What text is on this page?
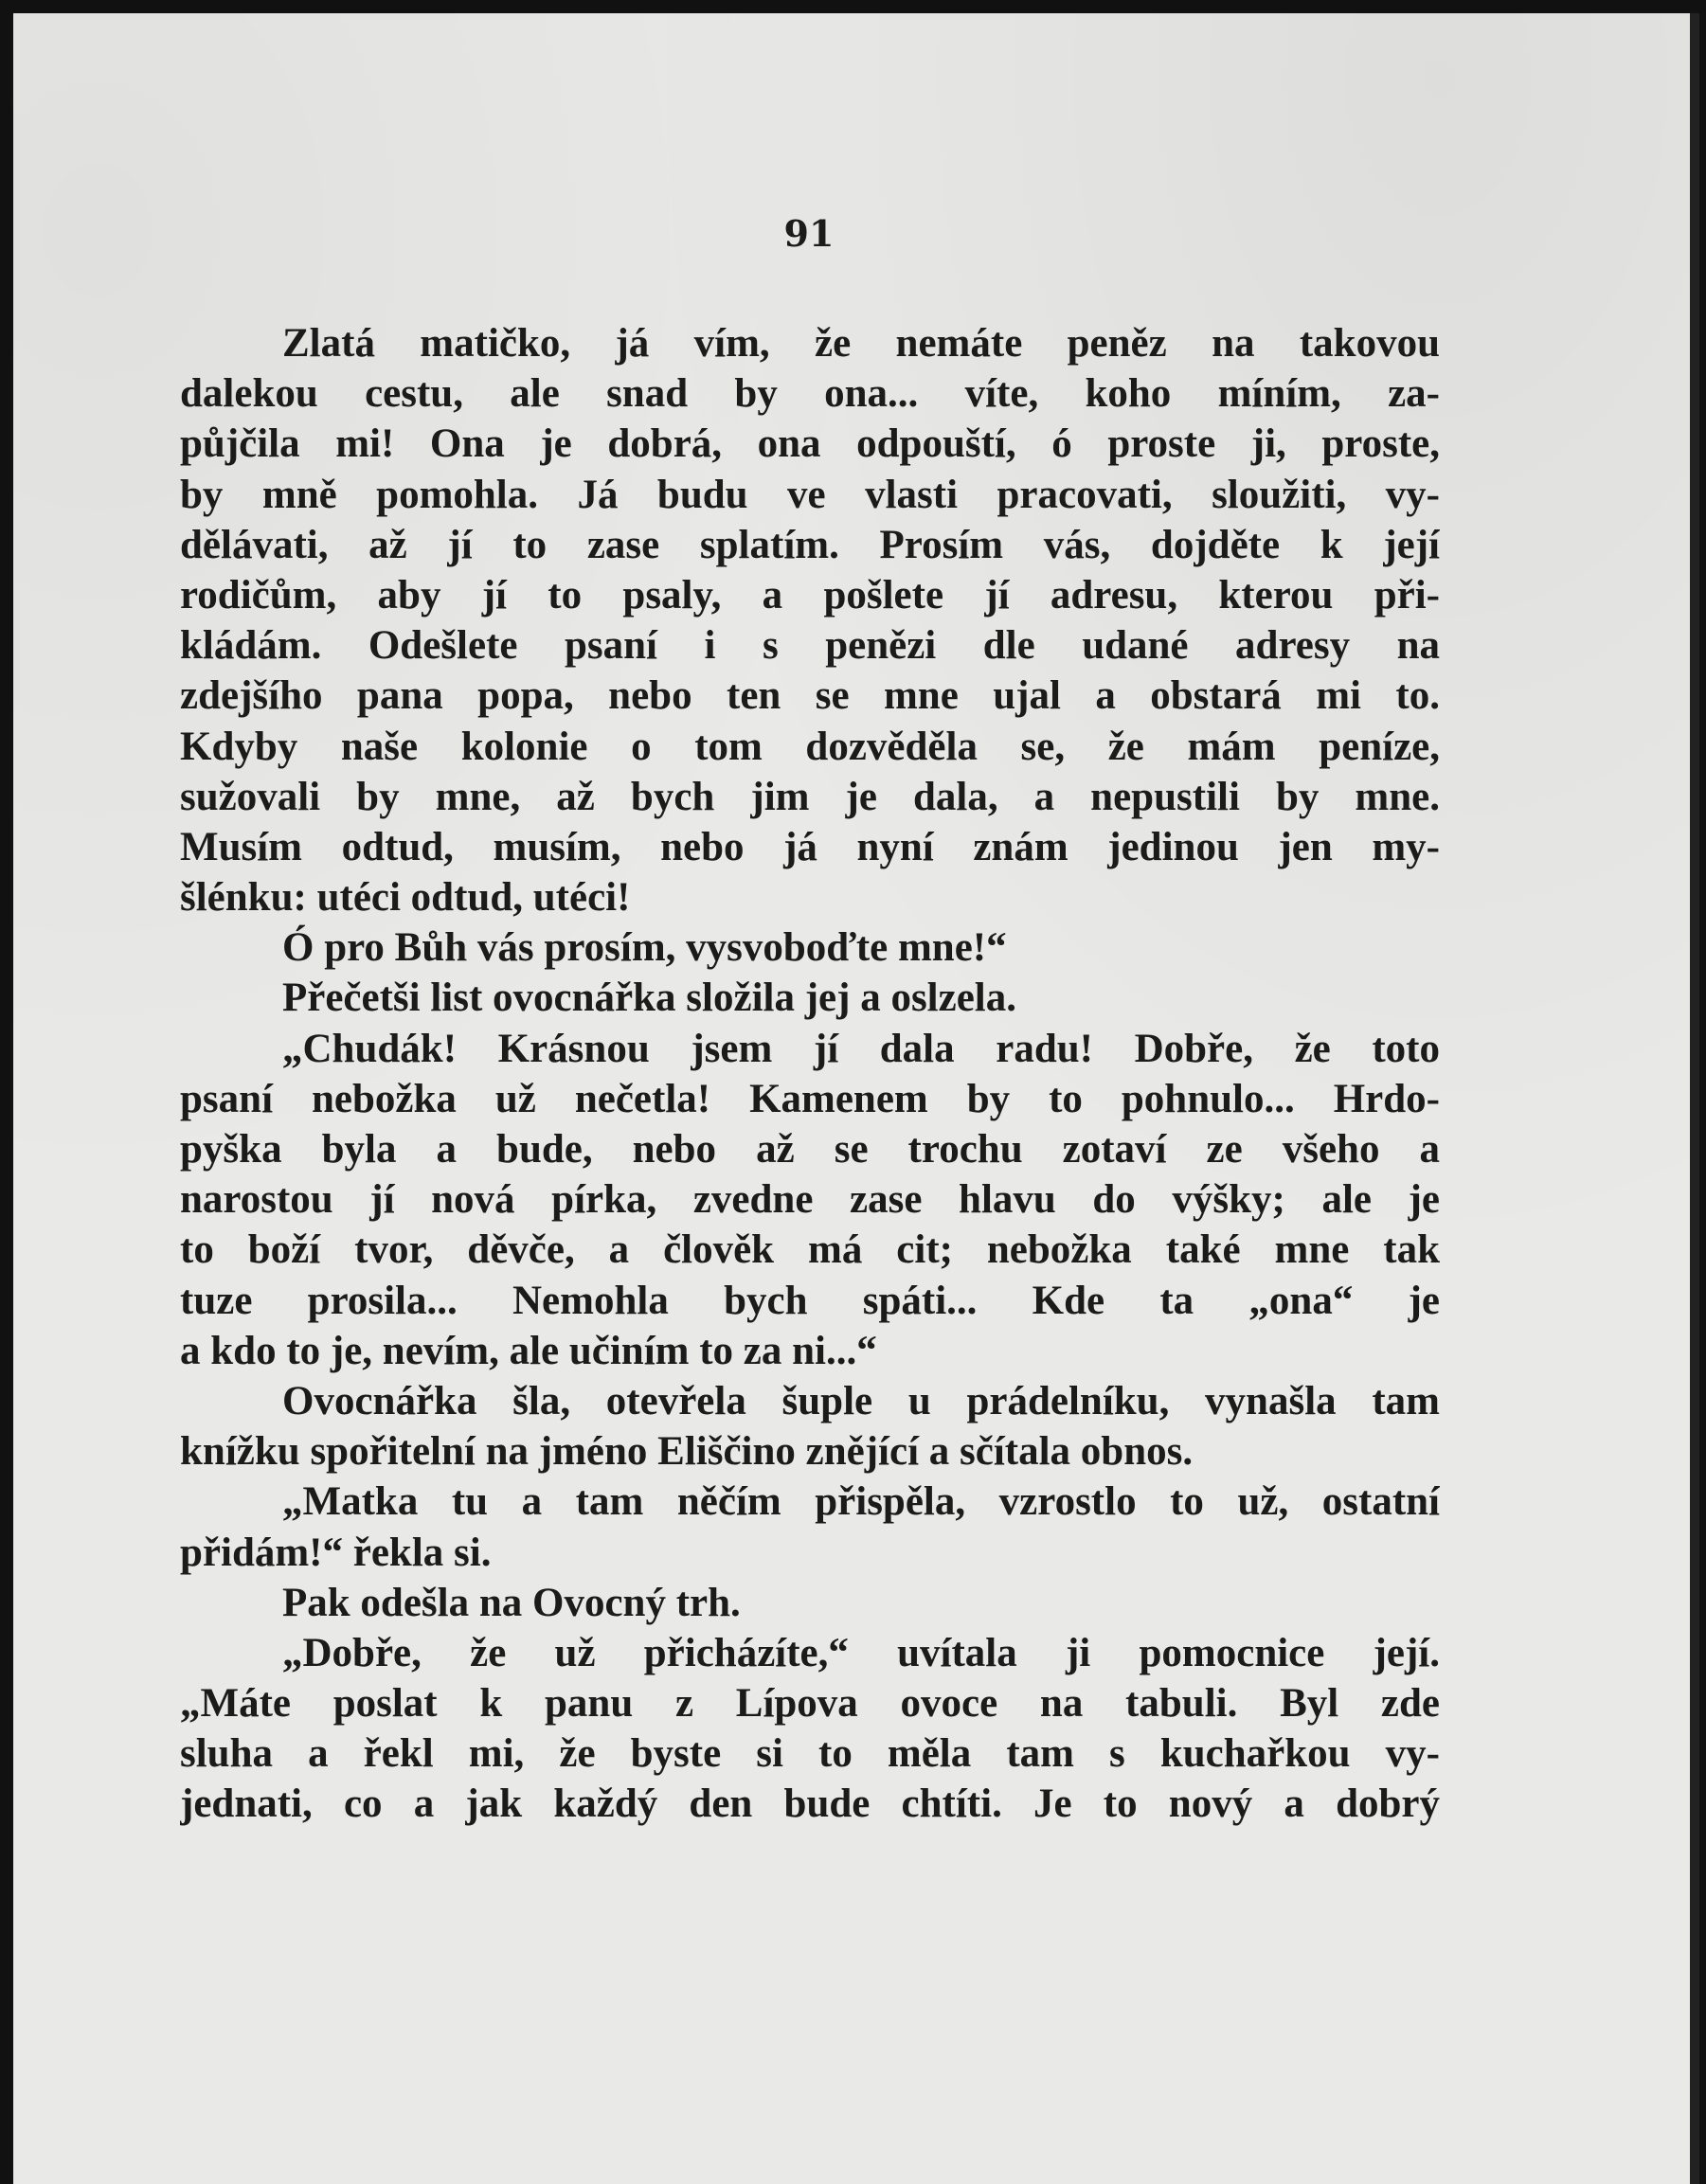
91
Zlatá matičko, já vím, že nemáte peněz na takovou
dalekou cestu, ale snad by ona... víte, koho míním, za-
půjčila mi! Ona je dobrá, ona odpouští, ó proste ji, proste,
by mně pomohla. Já budu ve vlasti pracovati, sloužiti, vy-
dělávati, až jí to zase splatím. Prosím vás, dojděte k její
rodičům, aby jí to psaly, a pošlete jí adresu, kterou při-
kládám. Odešlete psaní i s penězi dle udané adresy na
zdejšího pana popa, nebo ten se mne ujal a obstará mi to.
Kdyby naše kolonie o tom dozvěděla se, že mám peníze,
sužovali by mne, až bych jim je dala, a nepustili by mne.
Musím odtud, musím, nebo já nyní znám jedinou jen my-
šlénku: utéci odtud, utéci!
Ó pro Bůh vás prosím, vysvoboďte mne!“
Přečetši list ovocnářka složila jej a oslzela.
„Chudák! Krásnou jsem jí dala radu! Dobře, že toto
psaní nebožka už nečetla! Kamenem by to pohnulo... Hrdo-
pyška byla a bude, nebo až se trochu zotaví ze všeho a
narostou jí nová pírka, zvedne zase hlavu do výšky; ale je
to boží tvor, děvče, a člověk má cit; nebožka také mne tak
tuze prosila... Nemohla bych spáti... Kde ta „ona“ je
a kdo to je, nevím, ale učiním to za ni...“
Ovocnářka šla, otevřela šuple u prádelníku, vynašla tam
knížku spořitelní na jméno Eliščino znějící a sčítala obnos.
„Matka tu a tam něčím přispěla, vzrostlo to už, ostatní
přidám!“ řekla si.
Pak odešla na Ovocný trh.
„Dobře, že už přicházíte,“ uvítala ji pomocnice její.
„Máte poslat k panu z Lípova ovoce na tabuli. Byl zde
sluha a řekl mi, že byste si to měla tam s kuchařkou vy-
jednati, co a jak každý den bude chtíti. Je to nový a dobrý
